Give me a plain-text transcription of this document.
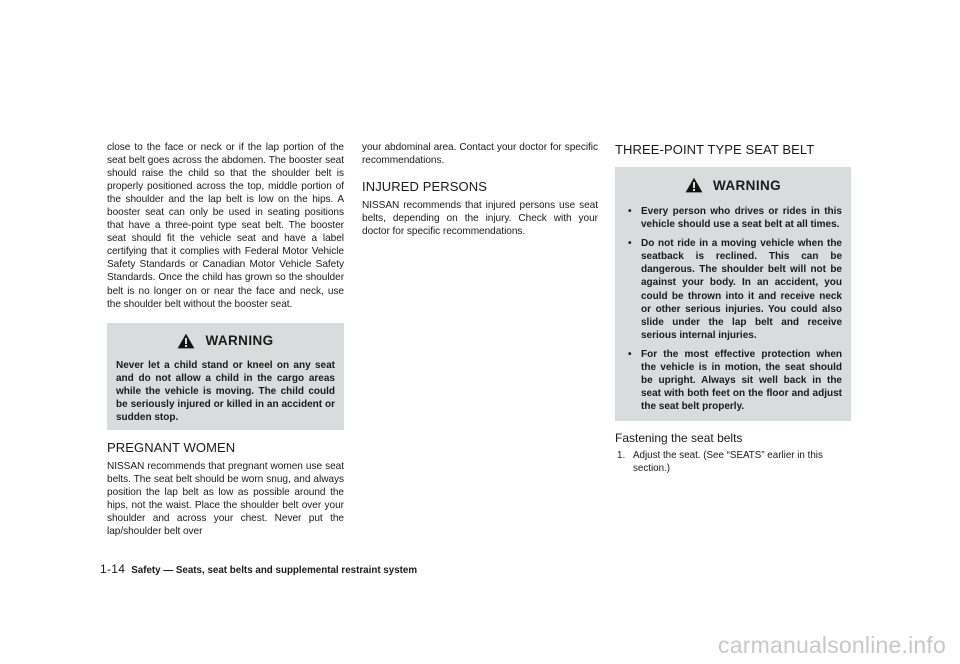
close to the face or neck or if the lap portion of the seat belt goes across the abdomen. The booster seat should raise the child so that the shoulder belt is properly positioned across the top, middle portion of the shoulder and the lap belt is low on the hips. A booster seat can only be used in seating positions that have a three-point type seat belt. The booster seat should fit the vehicle seat and have a label certifying that it complies with Federal Motor Vehicle Safety Standards or Canadian Motor Vehicle Safety Standards. Once the child has grown so the shoulder belt is no longer on or near the face and neck, use the shoulder belt without the booster seat.

WARNING

Never let a child stand or kneel on any seat and do not allow a child in the cargo areas while the vehicle is moving. The child could be seriously injured or killed in an accident or sudden stop.

PREGNANT WOMEN

NISSAN recommends that pregnant women use seat belts. The seat belt should be worn snug, and always position the lap belt as low as possible around the hips, not the waist. Place the shoulder belt over your shoulder and across your chest. Never put the lap/shoulder belt over

your abdominal area. Contact your doctor for specific recommendations.

INJURED PERSONS

NISSAN recommends that injured persons use seat belts, depending on the injury. Check with your doctor for specific recommendations.

THREE-POINT TYPE SEAT BELT
WARNING
• Every person who drives or rides in this vehicle should use a seat belt at all times.
• Do not ride in a moving vehicle when the seatback is reclined. This can be dangerous. The shoulder belt will not be against your body. In an accident, you could be thrown into it and receive neck or other serious injuries. You could also slide under the lap belt and receive serious internal injuries.
• For the most effective protection when the vehicle is in motion, the seat should be upright. Always sit well back in the seat with both feet on the floor and adjust the seat belt properly.
Fastening the seat belts
1. Adjust the seat. (See “SEATS” earlier in this section.)
1-14 Safety — Seats, seat belts and supplemental restraint system
carmanualsonline.info
